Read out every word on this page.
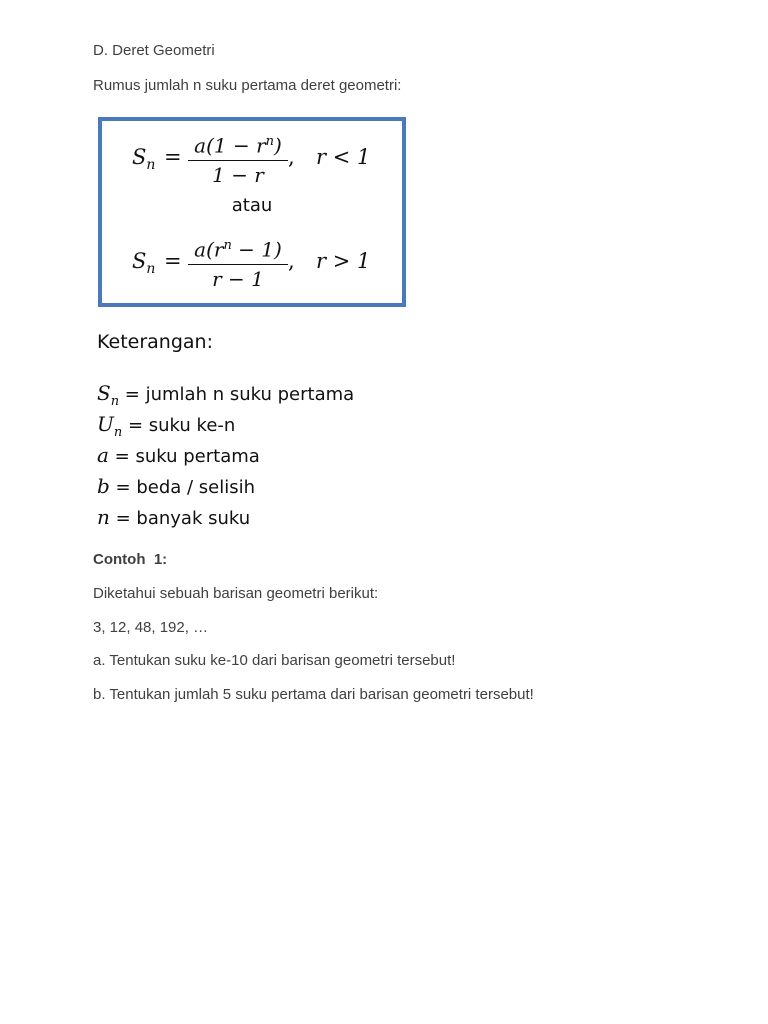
D. Deret Geometri

Rumus jumlah n suku pertama deret geometri:

$S_n = a(1 - r^n)$
1 − r
, r < 1
atau
$S_n = a(r^n - 1)$
r − 1
, r > 1
Keterangan:
$S_n$ = jumlah n suku pertama
$U_n$ = suku ke-n
a = suku pertama
b = beda / selisih
n = banyak suku

Contoh  1:

Diketahui sebuah barisan geometri berikut:

3, 12, 48, 192, …

a. Tentukan suku ke-10 dari barisan geometri tersebut!

b. Tentukan jumlah 5 suku pertama dari barisan geometri tersebut!
